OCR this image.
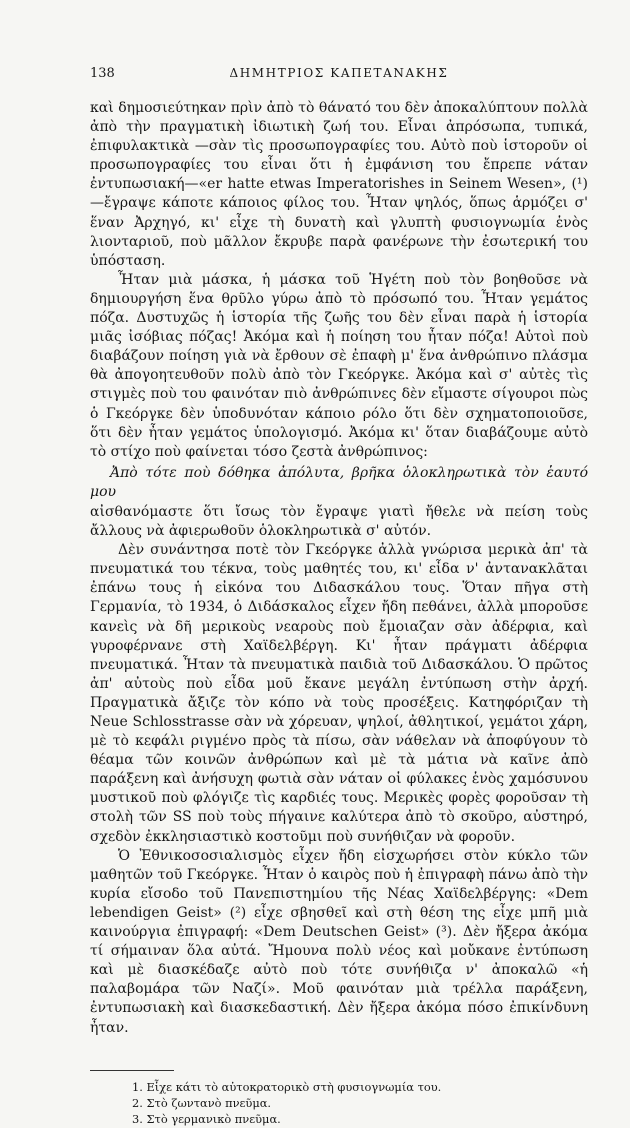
138	ΔΗΜΗΤΡΙΟΣ ΚΑΠΕΤΑΝΑΚΗΣ

καὶ δημοσιεύτηκαν πρὶν ἀπὸ τὸ θάνατό του δὲν ἀποκαλύπτουν πολλὰ ἀπὸ τὴν πραγματικὴ ἰδιωτικὴ ζωή του. Εἶναι ἀπρόσωπα, τυπικά, ἐπιφυλακτικὰ —σὰν τὶς προσωπογραφίες του. Αὐτὸ ποὺ ἱστοροῦν οἱ προσωπογραφίες του εἶναι ὅτι ἡ ἐμφάνιση του ἔπρεπε νάταν ἐντυπωσιακή—«er hatte etwas Imperatorishes in Seinem Wesen», (¹)—ἔγραψε κάποτε κάποιος φίλος του. Ἦταν ψηλός, ὅπως ἁρμόζει σ' ἕναν Ἀρχηγό, κι' εἶχε τὴ δυνατὴ καὶ γλυπτὴ φυσιογνωμία ἑνὸς λιονταριοῦ, ποὺ μᾶλλον ἔκρυβε παρὰ φανέρωνε τὴν ἐσωτερική του ὑπόσταση.

Ἦταν μιὰ μάσκα, ἡ μάσκα τοῦ Ἡγέτη ποὺ τὸν βοηθοῦσε νὰ δημιουργήση ἕνα θρῦλο γύρω ἀπὸ τὸ πρόσωπό του. Ἦταν γεμάτος πόζα. Δυστυχῶς ἡ ἱστορία τῆς ζωῆς του δὲν εἶναι παρὰ ἡ ἱστορία μιᾶς ἰσόβιας πόζας! Ἀκόμα καὶ ἡ ποίηση του ἦταν πόζα! Αὐτοὶ ποὺ διαβάζουν ποίηση γιὰ νὰ ἔρθουν σὲ ἐπαφὴ μ' ἕνα ἀνθρώπινο πλάσμα θὰ ἀπογοητευθοῦν πολὺ ἀπὸ τὸν Γκεόργκε. Ἀκόμα καὶ σ' αὐτὲς τὶς στιγμὲς ποὺ του φαινόταν πιὸ ἀνθρώπινες δὲν εἴμαστε σίγουροι πὼς ὁ Γκεόργκε δὲν ὑποδυνόταν κάποιο ρόλο ὅτι δὲν σχηματοποιοῦσε, ὅτι δὲν ἦταν γεμάτος ὑπολογισμό. Ἀκόμα κι' ὅταν διαβάζουμε αὐτὸ τὸ στίχο ποὺ φαίνεται τόσο ζεστὰ ἀνθρώπινος:

Ἀπὸ τότε ποὺ δόθηκα ἀπόλυτα, βρῆκα ὁλοκληρωτικὰ τὸν ἑαυτό μου

αἰσθανόμαστε ὅτι ἴσως τὸν ἔγραψε γιατὶ ἤθελε νὰ πείση τοὺς ἄλλους νὰ ἀφιερωθοῦν ὁλοκληρωτικὰ σ' αὐτόν.

Δὲν συνάντησα ποτὲ τὸν Γκεόργκε ἀλλὰ γνώρισα μερικὰ ἀπ' τὰ πνευματικά του τέκνα, τοὺς μαθητές του, κι' εἶδα ν' ἀντανακλᾶται ἐπάνω τους ἡ εἰκόνα του Διδασκάλου τους. Ὅταν πῆγα στὴ Γερμανία, τὸ 1934, ὁ Διδάσκαλος εἶχεν ἤδη πεθάνει, ἀλλὰ μποροῦσε κανεὶς νὰ δῆ μερικοὺς νεαροὺς ποὺ ἔμοιαζαν σὰν ἀδέρφια, καὶ γυροφέρνανε στὴ Χαϊδελβέργη. Κι' ἦταν πράγματι ἀδέρφια πνευματικά. Ἦταν τὰ πνευματικὰ παιδιὰ τοῦ Διδασκάλου. Ὁ πρῶτος ἀπ' αὐτοὺς ποὺ εἶδα μοῦ ἔκανε μεγάλη ἐντύπωση στὴν ἀρχή. Πραγματικὰ ἄξιζε τὸν κόπο νὰ τοὺς προσέξεις. Κατηφόριζαν τὴ Neue Schlosstrasse σὰν νὰ χόρευαν, ψηλοί, ἀθλητικοί, γεμάτοι χάρη, μὲ τὸ κεφάλι ριγμένο πρὸς τὰ πίσω, σὰν νάθελαν νὰ ἀποφύγουν τὸ θέαμα τῶν κοινῶν ἀνθρώπων καὶ μὲ τὰ μάτια νὰ καῖνε ἀπὸ παράξενη καὶ ἀνήσυχη φωτιὰ σὰν νάταν οἱ φύλακες ἑνὸς χαμόσυνου μυστικοῦ ποὺ φλόγιζε τὶς καρδιές τους. Μερικὲς φορὲς φοροῦσαν τὴ στολὴ τῶν SS ποὺ τοὺς πήγαινε καλύτερα ἀπὸ τὸ σκοῦρο, αὐστηρό, σχεδὸν ἐκκλησιαστικὸ κοστοῦμι ποὺ συνήθιζαν νὰ φοροῦν.

Ὁ Ἐθνικοσοσιαλισμὸς εἶχεν ἤδη εἰσχωρήσει στὸν κύκλο τῶν μαθητῶν τοῦ Γκεόργκε. Ἦταν ὁ καιρὸς ποὺ ἡ ἐπιγραφὴ πάνω ἀπὸ τὴν κυρία εἴσοδο τοῦ Πανεπιστημίου τῆς Νέας Χαϊδελβέργης: «Dem lebendigen Geist» (²) εἶχε σβησθεῖ καὶ στὴ θέση της εἶχε μπῆ μιὰ καινούργια ἐπιγραφή: «Dem Deutschen Geist» (³). Δὲν ἤξερα ἀκόμα τί σήμαιναν ὅλα αὐτά. Ἤμουνα πολὺ νέος καὶ μοὔκανε ἐντύπωση καὶ μὲ διασκέδαζε αὐτὸ ποὺ τότε συνήθιζα ν' ἀποκαλῶ «ἡ παλαβομάρα τῶν Ναζί». Μοῦ φαινόταν μιὰ τρέλλα παράξενη, ἐντυπωσιακὴ καὶ διασκεδαστική. Δὲν ἤξερα ἀκόμα πόσο ἐπικίνδυνη ἦταν.

1. Εἶχε κάτι τὸ αὐτοκρατορικὸ στὴ φυσιογνωμία του.
2. Στὸ ζωντανὸ πνεῦμα.
3. Στὸ γερμανικὸ πνεῦμα.
